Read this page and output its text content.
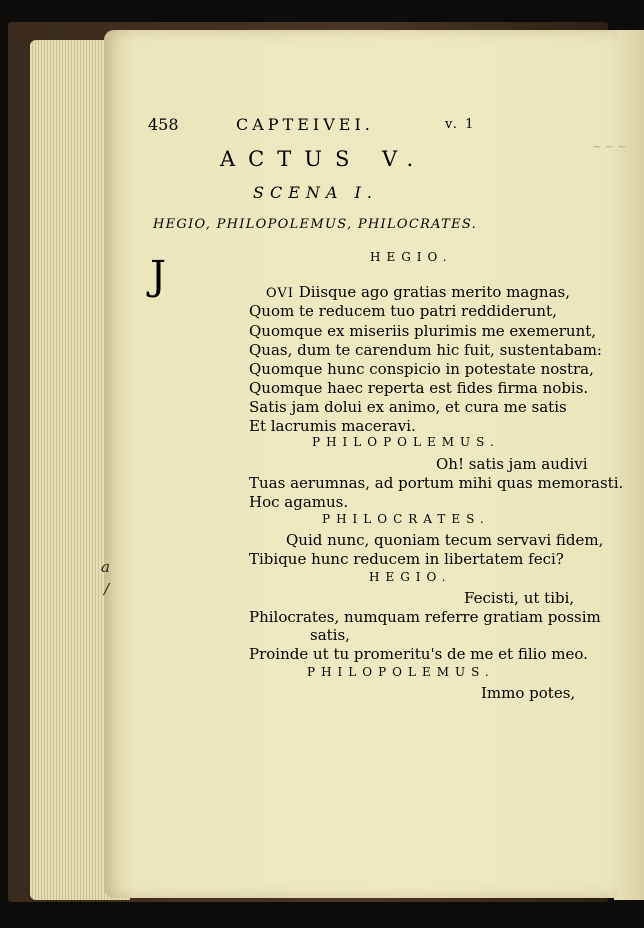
~ ~ ~
458	CAPTEIVEI.	v. 1
ACTUS V.
SCENA I.
HEGIO, PHILOPOLEMUS, PHILOCRATES.
HEGIO.
J	OVI Diisque ago gratias merito magnas,
Quom te reducem tuo patri reddiderunt,
Quomque ex miseriis plurimis me exemerunt,
Quas, dum te carendum hic fuit, sustentabam:
Quomque hunc conspicio in potestate nostra,
Quomque haec reperta est fides firma nobis.
Satis jam dolui ex animo, et cura me satis
Et lacrumis maceravi.
PHILOPOLEMUS.
Oh! satis jam audivi
Tuas aerumnas, ad portum mihi quas memorasti.
Hoc agamus.
PHILOCRATES.
Quid nunc, quoniam tecum servavi fidem,
Tibique hunc reducem in libertatem feci?
HEGIO.
Fecisti, ut tibi,
Philocrates, numquam referre gratiam possim
satis,
Proinde ut tu promeritu's de me et filio meo.
PHILOPOLEMUS.
Immo potes,
a
/
